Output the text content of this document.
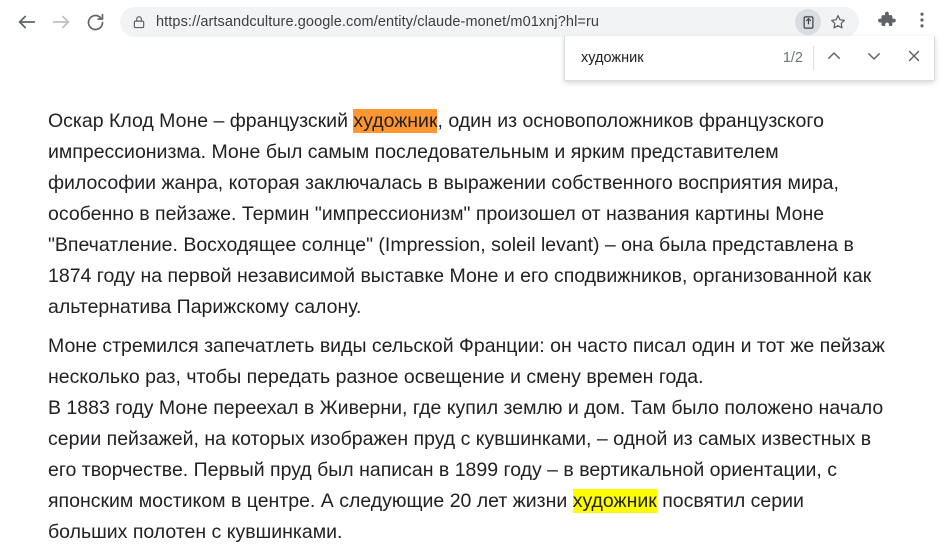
https://artsandculture.google.com/entity/claude-monet/m01xnj?hl=ru
художник
1/2

Оскар Клод Моне – французский художник, один из основоположников французского импрессионизма. Моне был самым последовательным и ярким представителем философии жанра, которая заключалась в выражении собственного восприятия мира, особенно в пейзаже. Термин "импрессионизм" произошел от названия картины Моне "Впечатление. Восходящее солнце" (Impression, soleil levant) – она была представлена в 1874 году на первой независимой выставке Моне и его сподвижников, организованной как альтернатива Парижскому салону.

Моне стремился запечатлеть виды сельской Франции: он часто писал один и тот же пейзаж несколько раз, чтобы передать разное освещение и смену времен года.

В 1883 году Моне переехал в Живерни, где купил землю и дом. Там было положено начало серии пейзажей, на которых изображен пруд с кувшинками, – одной из самых известных в его творчестве. Первый пруд был написан в 1899 году – в вертикальной ориентации, с японским мостиком в центре. А следующие 20 лет жизни художник посвятил серии больших полотен с кувшинками.
